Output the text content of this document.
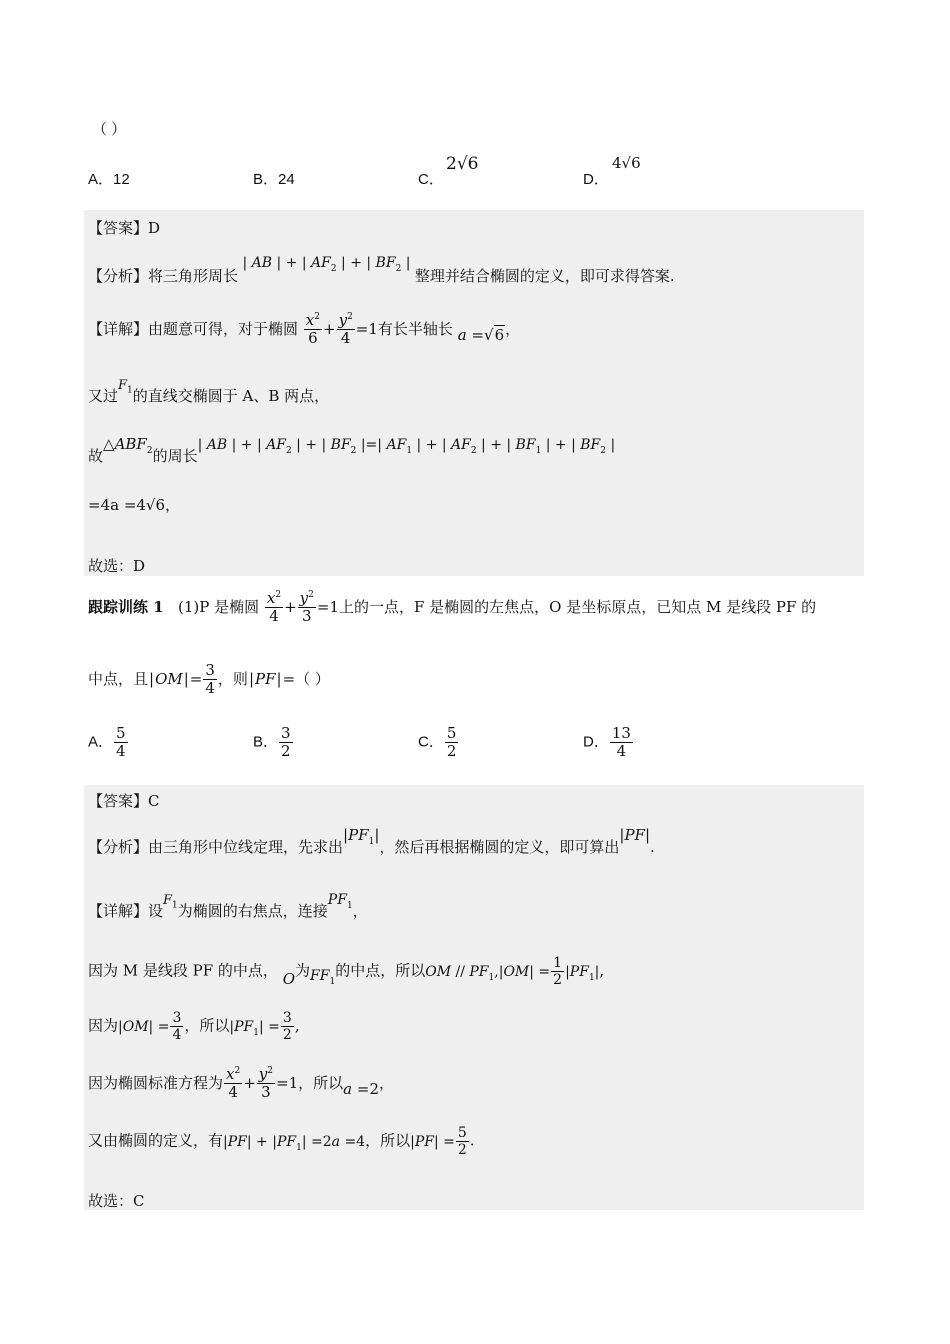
（ ）
A．12	B．24	C．
2√6
D．
4√6
【答案】D
【分析】将三角形周长 | AB | + | $AF_2$ | + | $BF_2$ | 整理并结合椭圆的定义，即可求得答案.
【详解】由题意可得，对于椭圆 $\frac{x^2}{6} + \frac{y^2}{4} =1$有长半轴长 a =√6，
又过$F_1$的直线交椭圆于 A、B 两点，
故$\triangle ABF_2$的周长| AB | + | $AF_2$ | + | $BF_2$ |=| $AF_1$ | + | $AF_2$ | + | $BF_1$ | + | $BF_2$ |
=4a =4√6，
故选：D
跟踪训练 1 (1)P 是椭圆 $\frac{x^2}{4} + \frac{y^2}{3} =1$上的一点，F 是椭圆的左焦点，O 是坐标原点，已知点 M 是线段 PF 的
中点，且$|OM|= \frac{3}{4}$ ，则|PF|=（ ）
A． $\frac{5}{4}$	B． $\frac{3}{2}$	C． $\frac{5}{2}$	D． $\frac{13}{4}$
【答案】C
【分析】由三角形中位线定理，先求出$|PF_1|$，然后再根据椭圆的定义，即可算出|PF|.
【详解】设$F_1$为椭圆的右焦点，连接$PF_1$，
因为 M 是线段 PF 的中点， O为$FF_1$的中点，所以OM // $PF_1,|OM| = \frac{1}{2} |PF_1|$,
因为$|OM| = \frac{3}{4}$ ，所以$|PF_1| = \frac{3}{2}$ ,
因为椭圆标准方程为 $\frac{x^2}{4} + \frac{y^2}{3} =1$，所以a =2，
又由椭圆的定义，有$|PF| + |PF_1| =2a =4$，所以$|PF| = \frac{5}{2}$ .
故选：C
